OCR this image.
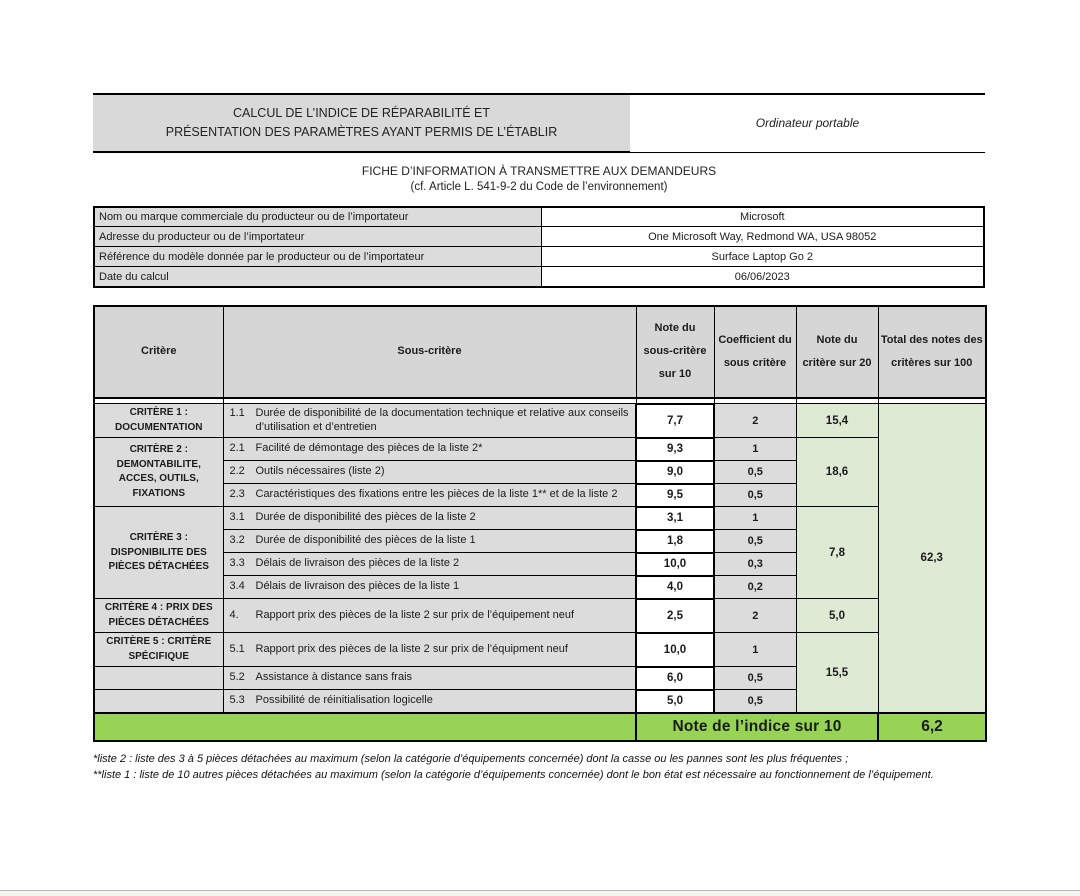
CALCUL DE L’INDICE DE RÉPARABILITÉ ET
PRÉSENTATION DES PARAMÈTRES AYANT PERMIS DE L’ÉTABLIR
Ordinateur portable
FICHE D’INFORMATION À TRANSMETTRE AUX DEMANDEURS
(cf. Article L. 541-9-2 du Code de l’environnement)
Nom ou marque commerciale du producteur ou de l’importateur	Microsoft
Adresse du producteur ou de l’importateur	One Microsoft Way, Redmond WA, USA 98052
Référence du modèle donnée par le producteur ou de l’importateur	Surface Laptop Go 2
Date du calcul	06/06/2023
Critère	Sous-critère	Note du sous-critère sur 10	Coefficient du sous critère	Note du critère sur 20	Total des notes des critères sur 100

CRITÈRE 1 : DOCUMENTATION	1.1 Durée de disponibilité de la documentation technique et relative aux conseils d’utilisation et d’entretien	7,7	2	15,4	62,3
CRITÈRE 2 : DEMONTABILITE, ACCES, OUTILS, FIXATIONS	2.1 Facilité de démontage des pièces de la liste 2*	9,3	1	18,6	

	2.2 Outils nécessaires (liste 2)	9,0	0,5		

	2.3 Caractéristiques des fixations entre les pièces de la liste 1** et de la liste 2	9,5	0,5		
CRITÈRE 3 : DISPONIBILITE DES PIÈCES DÉTACHÉES	3.1 Durée de disponibilité des pièces de la liste 2	3,1	1	7,8	

	3.2 Durée de disponibilité des pièces de la liste 1	1,8	0,5		

	3.3 Délais de livraison des pièces de la liste 2	10,0	0,3		

	3.4 Délais de livraison des pièces de la liste 1	4,0	0,2		
CRITÈRE 4 : PRIX DES PIÈCES DÉTACHÉES	4. Rapport prix des pièces de la liste 2 sur prix de l’équipement neuf	2,5	2	5,0	
CRITÈRE 5 : CRITÈRE SPÉCIFIQUE	5.1 Rapport prix des pièces de la liste 2 sur prix de l’équipment neuf	10,0	1	15,5	

	5.2 Assistance à distance sans frais	6,0	0,5		

	5.3 Possibilité de réinitialisation logicelle	5,0	0,5		
		Note de l’indice sur 10			6,2
*liste 2 : liste des 3 à 5 pièces détachées au maximum (selon la catégorie d’équipements concernée) dont la casse ou les pannes sont les plus fréquentes ;
**liste 1 : liste de 10 autres pièces détachées au maximum (selon la catégorie d’équipements concernée) dont le bon état est nécessaire au fonctionnement de l’équipement.
